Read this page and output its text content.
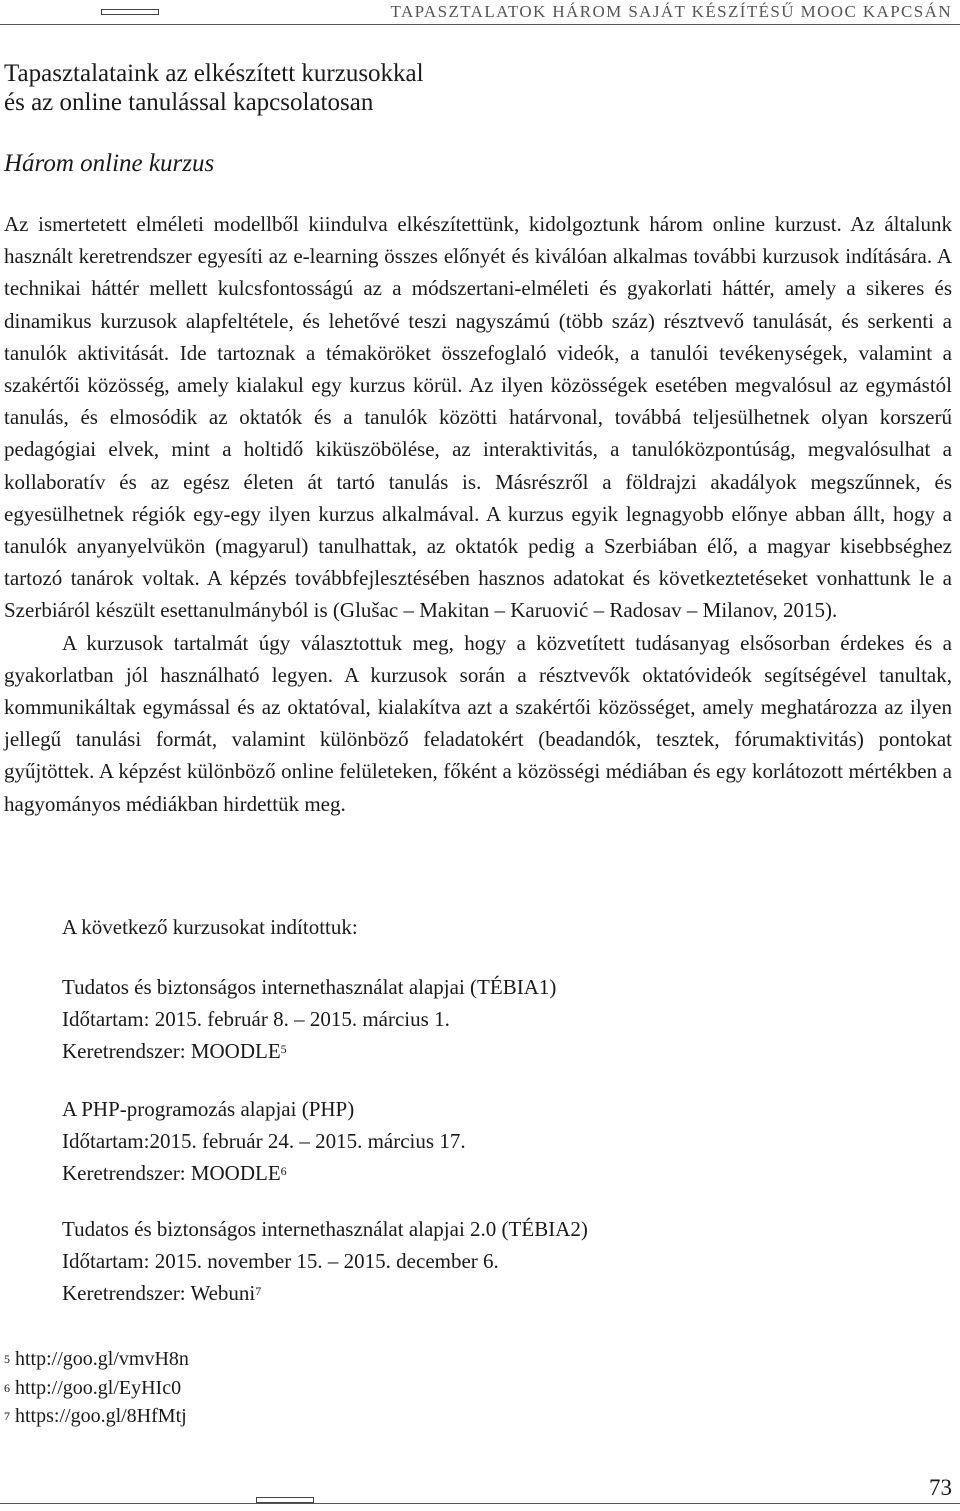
TAPASZTALATOK HÁROM SAJÁT KÉSZÍTÉSŰ MOOC KAPCSÁN
Tapasztalataink az elkészített kurzusokkal
és az online tanulással kapcsolatosan
Három online kurzus

Az ismertetett elméleti modellből kiindulva elkészítettünk, kidolgoztunk három online kurzust. Az általunk használt keretrendszer egyesíti az e-learning összes előnyét és kiválóan alkalmas további kurzusok indítására. A technikai háttér mellett kulcsfontosságú az a módszertani-elméleti és gyakorlati háttér, amely a sikeres és dinamikus kurzusok alapfeltétele, és lehetővé teszi nagyszámú (több száz) résztvevő tanulását, és serkenti a tanulók aktivitását. Ide tartoznak a témaköröket összefoglaló videók, a tanulói tevékenységek, valamint a szakértői közösség, amely kialakul egy kurzus körül. Az ilyen közösségek esetében megvalósul az egymástól tanulás, és elmosódik az oktatók és a tanulók közötti határvonal, továbbá teljesülhetnek olyan korszerű pedagógiai elvek, mint a holtidő kiküszöbölése, az interaktivitás, a tanulóközpontúság, megvalósulhat a kollaboratív és az egész életen át tartó tanulás is. Másrészről a földrajzi akadályok megszűnnek, és egyesülhetnek régiók egy-egy ilyen kurzus alkalmával. A kurzus egyik legnagyobb előnye abban állt, hogy a tanulók anyanyelvükön (magyarul) tanulhattak, az oktatók pedig a Szerbiában élő, a magyar kisebbséghez tartozó tanárok voltak. A képzés továbbfejlesztésében hasznos adatokat és következtetéseket vonhattunk le a Szerbiáról készült esettanulmányból is (Glušac – Makitan – Karuović – Radosav – Milanov, 2015).

A kurzusok tartalmát úgy választottuk meg, hogy a közvetített tudásanyag elsősorban érdekes és a gyakorlatban jól használható legyen. A kurzusok során a résztvevők oktatóvideók segítségével tanultak, kommunikáltak egymással és az oktatóval, kialakítva azt a szakértői közösséget, amely meghatározza az ilyen jellegű tanulási formát, valamint különböző feladatokért (beadandók, tesztek, fórumaktivitás) pontokat gyűjtöttek. A képzést különböző online felületeken, főként a közösségi médiában és egy korlátozott mértékben a hagyományos médiákban hirdettük meg.

A következő kurzusokat indítottuk:
Tudatos és biztonságos internethasználat alapjai (TÉBIA1)
Időtartam: 2015. február 8. – 2015. március 1.
Keretrendszer: MOODLE$^5$
A PHP-programozás alapjai (PHP)
Időtartam:2015. február 24. – 2015. március 17.
Keretrendszer: MOODLE$^6$
Tudatos és biztonságos internethasználat alapjai 2.0 (TÉBIA2)
Időtartam: 2015. november 15. – 2015. december 6.
Keretrendszer: Webuni$^7$
$^5$ http://goo.gl/vmvH8n
$^6$ http://goo.gl/EyHIc0
$^7$ https://goo.gl/8HfMtj
73
